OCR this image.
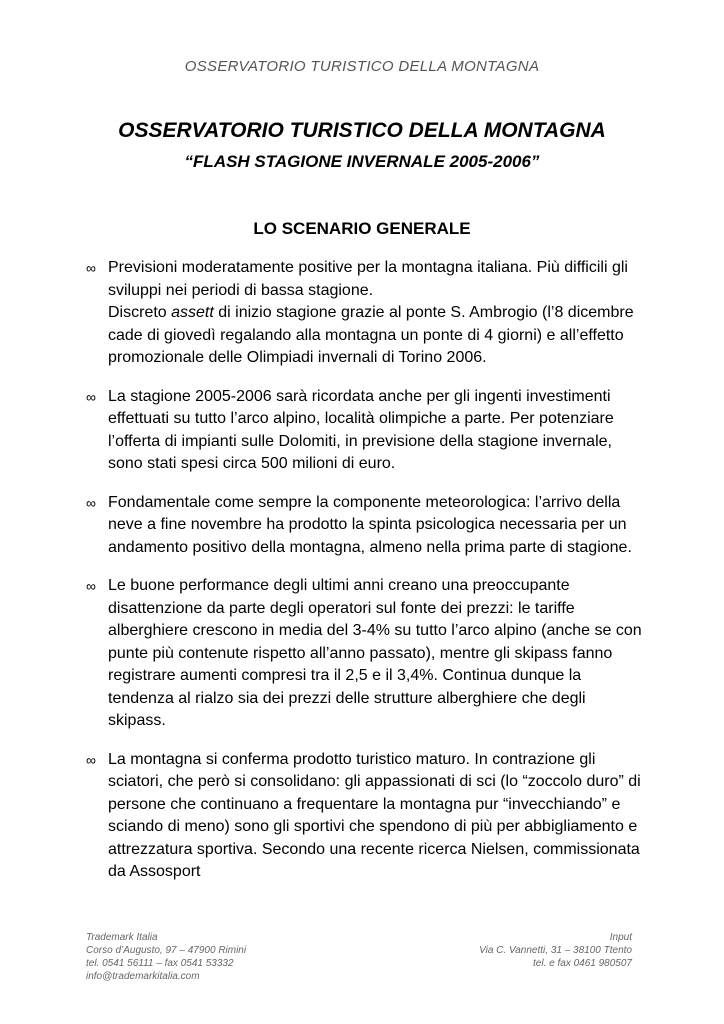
OSSERVATORIO TURISTICO DELLA MONTAGNA
OSSERVATORIO TURISTICO DELLA MONTAGNA
“FLASH STAGIONE INVERNALE 2005-2006”
LO SCENARIO GENERALE
∞ Previsioni moderatamente positive per la montagna italiana. Più difficili gli sviluppi nei periodi di bassa stagione.

Discreto assett di inizio stagione grazie al ponte S. Ambrogio (l’8 dicembre cade di giovedì regalando alla montagna un ponte di 4 giorni) e all’effetto promozionale delle Olimpiadi invernali di Torino 2006.

∞ La stagione 2005-2006 sarà ricordata anche per gli ingenti investimenti effettuati su tutto l’arco alpino, località olimpiche a parte. Per potenziare l’offerta di impianti sulle Dolomiti, in previsione della stagione invernale, sono stati spesi circa 500 milioni di euro.

∞ Fondamentale come sempre la componente meteorologica: l’arrivo della neve a fine novembre ha prodotto la spinta psicologica necessaria per un andamento positivo della montagna, almeno nella prima parte di stagione.

∞ Le buone performance degli ultimi anni creano una preoccupante disattenzione da parte degli operatori sul fonte dei prezzi: le tariffe alberghiere crescono in media del 3-4% su tutto l’arco alpino (anche se con punte più contenute rispetto all’anno passato), mentre gli skipass fanno registrare aumenti compresi tra il 2,5 e il 3,4%. Continua dunque la tendenza al rialzo sia dei prezzi delle strutture alberghiere che degli skipass.

∞ La montagna si conferma prodotto turistico maturo. In contrazione gli sciatori, che però si consolidano: gli appassionati di sci (lo “zoccolo duro” di persone che continuano a frequentare la montagna pur “invecchiando” e sciando di meno) sono gli sportivi che spendono di più per abbigliamento e attrezzatura sportiva. Secondo una recente ricerca Nielsen, commissionata da Assosport

Trademark Italia
Corso d’Augusto, 97 – 47900 Rimini
tel. 0541 56111 – fax 0541 53332
info@trademarkitalia.com
Input
Via C. Vannetti, 31 – 38100 Ttento
tel. e fax 0461 980507
